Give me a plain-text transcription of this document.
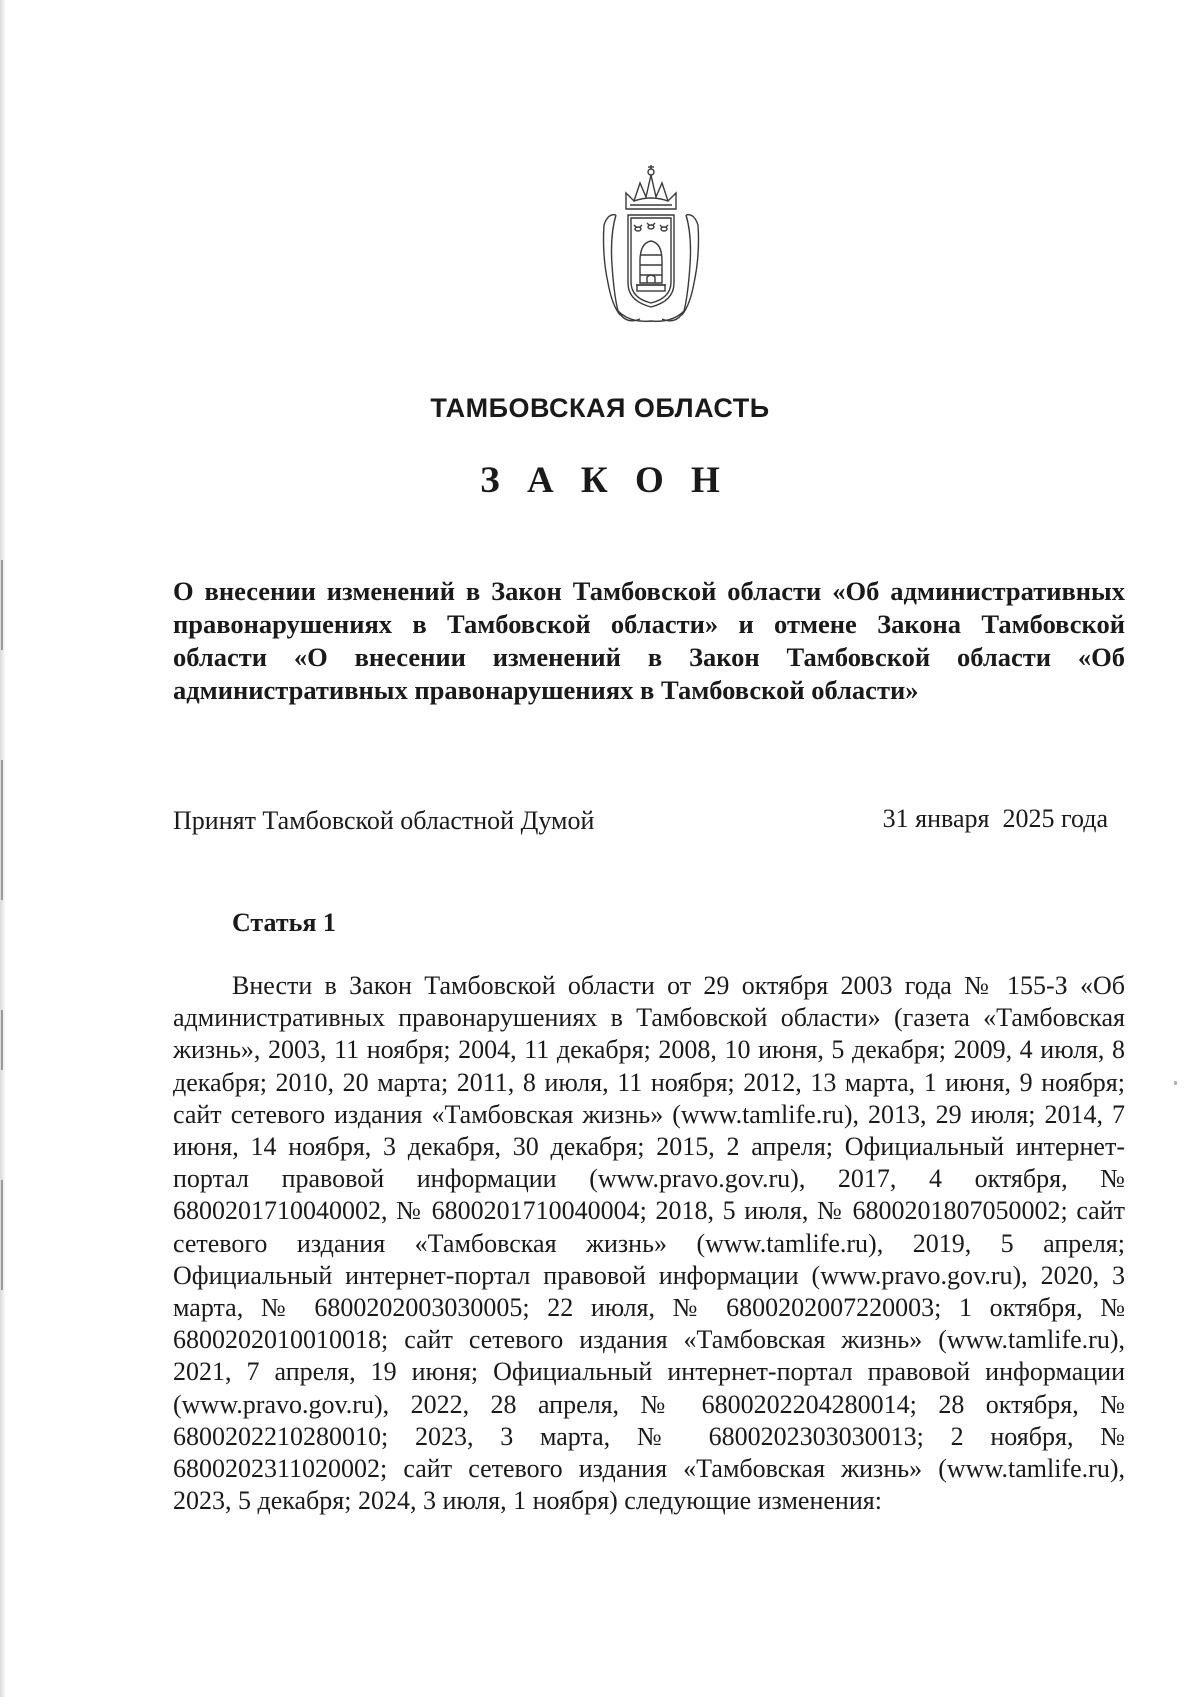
ТАМБОВСКАЯ ОБЛАСТЬ
З А К О Н
О внесении изменений в Закон Тамбовской области «Об административных правонарушениях в Тамбовской области» и отмене Закона Тамбовской области «О внесении изменений в Закон Тамбовской области «Об административных правонарушениях в Тамбовской области»
Принят Тамбовской областной Думой	31 января  2025 года
Статья 1

Внести в Закон Тамбовской области от 29 октября 2003 года № 155-З «Об административных правонарушениях в Тамбовской области» (газета «Тамбовская жизнь», 2003, 11 ноября; 2004, 11 декабря; 2008, 10 июня, 5 декабря; 2009, 4 июля, 8 декабря; 2010, 20 марта; 2011, 8 июля, 11 ноября; 2012, 13 марта, 1 июня, 9 ноября; сайт сетевого издания «Тамбовская жизнь» (www.tamlife.ru), 2013, 29 июля; 2014, 7 июня, 14 ноября, 3 декабря, 30 декабря; 2015, 2 апреля; Официальный интернет-портал правовой информации (www.pravo.gov.ru), 2017, 4 октября, № 6800201710040002, № 6800201710040004; 2018, 5 июля, № 6800201807050002; сайт сетевого издания «Тамбовская жизнь» (www.tamlife.ru), 2019, 5 апреля; Официальный интернет-портал правовой информации (www.pravo.gov.ru), 2020, 3 марта, № 6800202003030005; 22 июля, № 6800202007220003; 1 октября, № 6800202010010018; сайт сетевого издания «Тамбовская жизнь» (www.tamlife.ru), 2021, 7 апреля, 19 июня; Официальный интернет-портал правовой информации (www.pravo.gov.ru), 2022, 28 апреля, № 6800202204280014; 28 октября, № 6800202210280010; 2023, 3 марта, № 6800202303030013; 2 ноября, № 6800202311020002; сайт сетевого издания «Тамбовская жизнь» (www.tamlife.ru), 2023, 5 декабря; 2024, 3 июля, 1 ноября) следующие изменения:
